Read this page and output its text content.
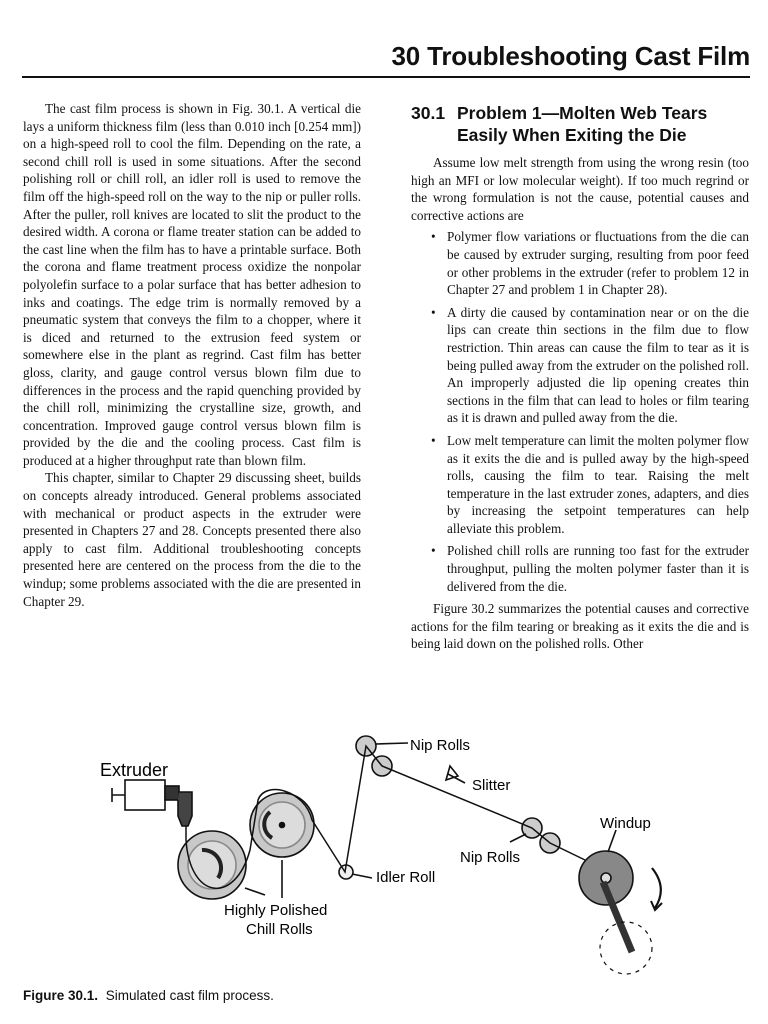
30 Troubleshooting Cast Film

The cast film process is shown in Fig. 30.1. A vertical die lays a uniform thickness film (less than 0.010 inch [0.254 mm]) on a high-speed roll to cool the film. Depending on the rate, a second chill roll is used in some situations. After the second polishing roll or chill roll, an idler roll is used to remove the film off the high-speed roll on the way to the nip or puller rolls. After the puller, roll knives are located to slit the product to the desired width. A corona or flame treater station can be added to the cast line when the film has to have a printable surface. Both the corona and flame treatment process oxidize the nonpolar polyolefin surface to a polar surface that has better adhesion to inks and coatings. The edge trim is normally removed by a pneumatic system that conveys the film to a chopper, where it is diced and returned to the extrusion feed system or somewhere else in the plant as regrind. Cast film has better gloss, clarity, and gauge control versus blown film due to differences in the process and the rapid quenching provided by the chill roll, minimizing the crystalline size, growth, and concentration. Improved gauge control versus blown film is provided by the die and the cooling process. Cast film is produced at a higher throughput rate than blown film.

This chapter, similar to Chapter 29 discussing sheet, builds on concepts already introduced. General problems associated with mechanical or product aspects in the extruder were presented in Chapters 27 and 28. Concepts presented there also apply to cast film. Additional troubleshooting concepts presented here are centered on the process from the die to the windup; some problems associated with the die are presented in Chapter 29.

30.1 Problem 1—Molten Web Tears Easily When Exiting the Die

Assume low melt strength from using the wrong resin (too high an MFI or low molecular weight). If too much regrind or the wrong formulation is not the cause, potential causes and corrective actions are

• Polymer flow variations or fluctuations from the die can be caused by extruder surging, resulting from poor feed or other problems in the extruder (refer to problem 12 in Chapter 27 and problem 1 in Chapter 28).
• A dirty die caused by contamination near or on the die lips can create thin sections in the film due to flow restriction. Thin areas can cause the film to tear as it is being pulled away from the extruder on the polished roll. An improperly adjusted die lip opening creates thin sections in the film that can lead to holes or film tearing as it is drawn and pulled away from the die.
• Low melt temperature can limit the molten polymer flow as it exits the die and is pulled away by the high-speed rolls, causing the film to tear. Raising the melt temperature in the last extruder zones, adapters, and dies by increasing the setpoint temperatures can help alleviate this problem.
• Polished chill rolls are running too fast for the extruder throughput, pulling the molten polymer faster than it is delivered from the die.

Figure 30.2 summarizes the potential causes and corrective actions for the film tearing or breaking as it exits the die and is being laid down on the polished rolls. Other

Extruder
Nip Rolls
Slitter
Windup
Nip Rolls
Idler Roll
Highly Polished
Chill Rolls
Figure 30.1. Simulated cast film process.
